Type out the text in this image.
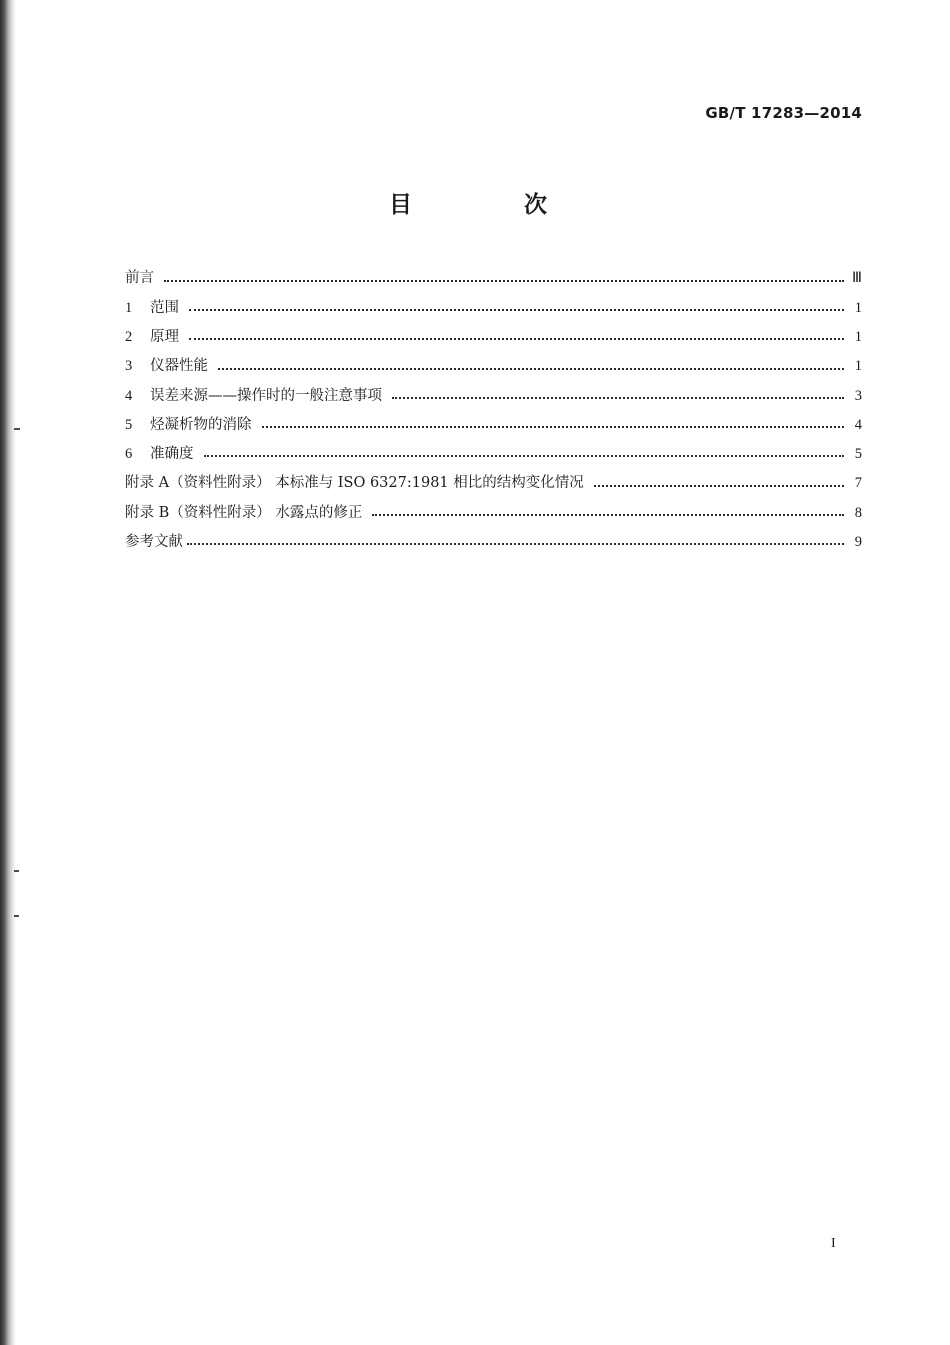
GB/T 17283—2014
目 次
前言	Ⅲ
1	范围	1
2	原理	1
3	仪器性能	1
4	误差来源——操作时的一般注意事项	3
5	烃凝析物的消除	4
6	准确度	5
附录 A（资料性附录） 本标准与 ISO 6327:1981 相比的结构变化情况	7
附录 B（资料性附录） 水露点的修正	8
参考文献	9
I
